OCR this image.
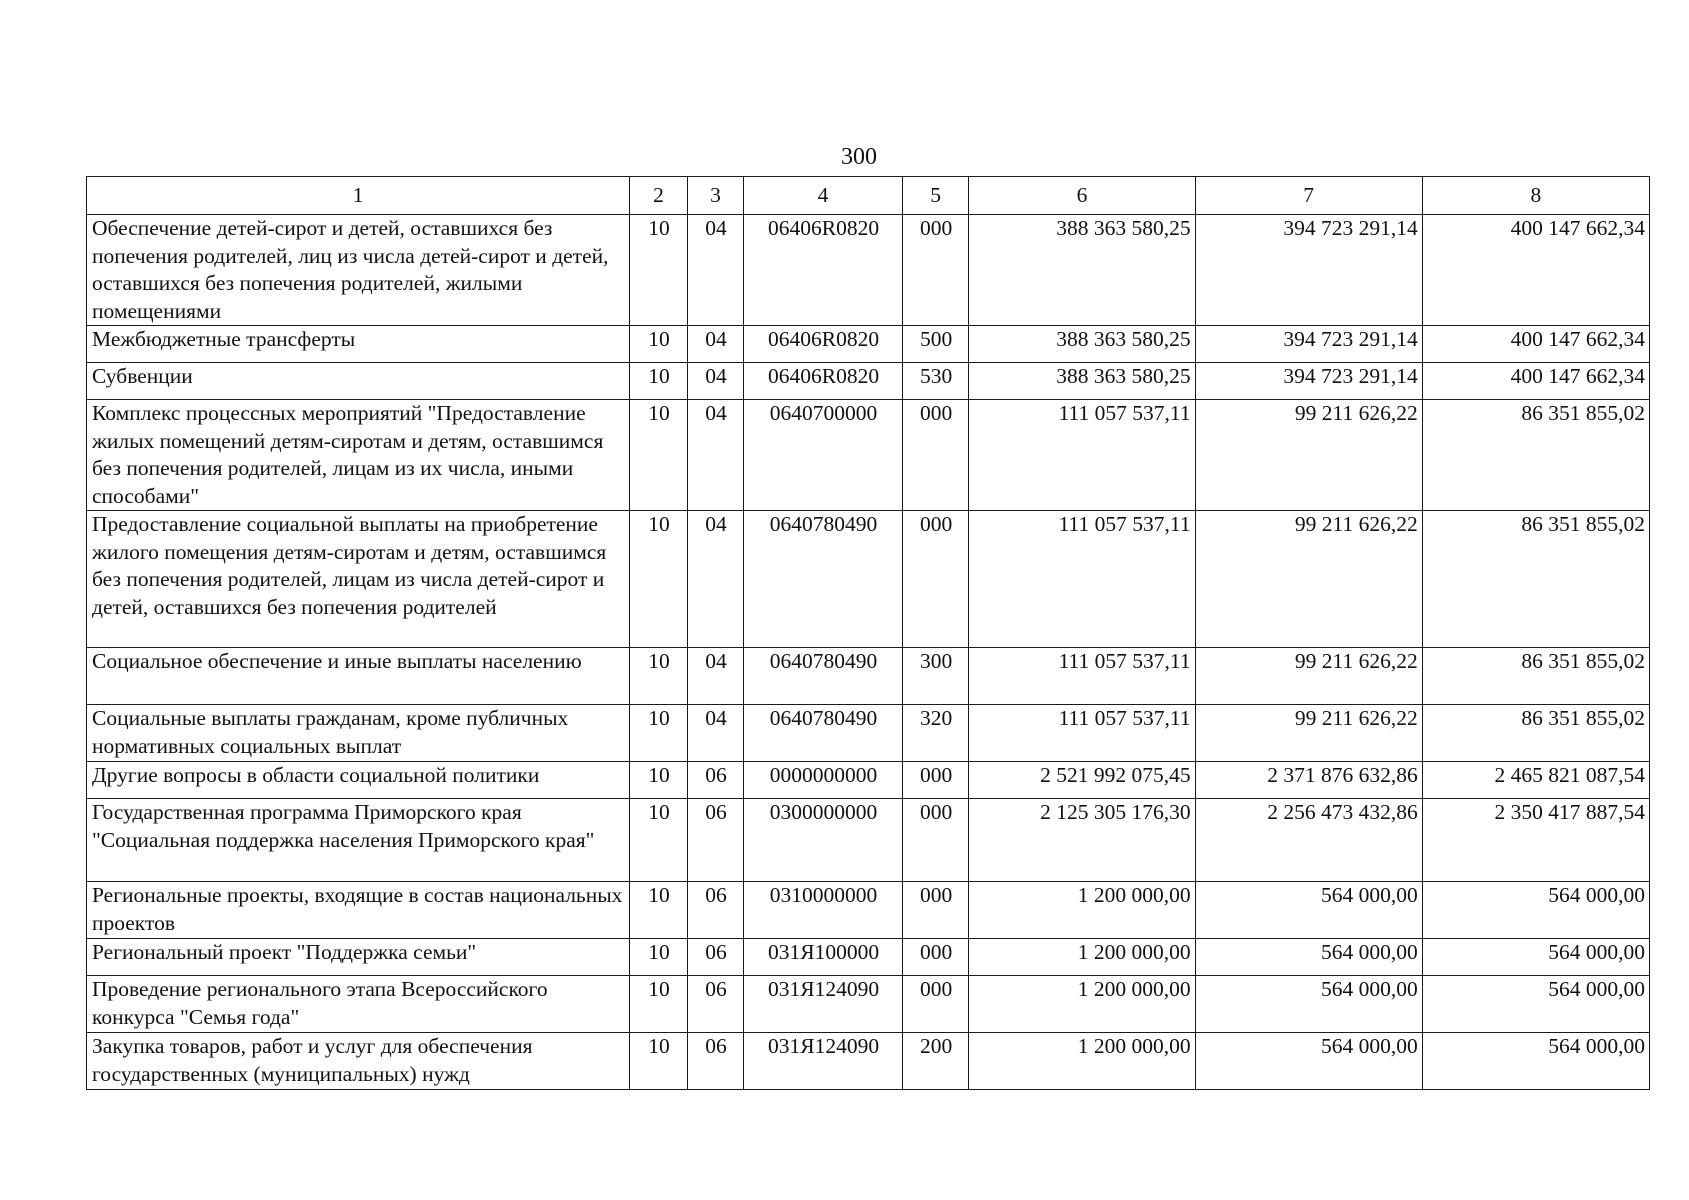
300
1	2	3	4	5	6	7	8
Обеспечение детей-сирот и детей, оставшихся без попечения родителей, лиц из числа детей-сирот и детей, оставшихся без попечения родителей, жилыми помещениями	10	04	06406R0820	000	388 363 580,25	394 723 291,14	400 147 662,34
Межбюджетные трансферты	10	04	06406R0820	500	388 363 580,25	394 723 291,14	400 147 662,34
Субвенции	10	04	06406R0820	530	388 363 580,25	394 723 291,14	400 147 662,34
Комплекс процессных мероприятий "Предоставление жилых помещений детям-сиротам и детям, оставшимся без попечения родителей, лицам из их числа, иными способами"	10	04	0640700000	000	111 057 537,11	99 211 626,22	86 351 855,02
Предоставление социальной выплаты на приобретение жилого помещения детям-сиротам и детям, оставшимся без попечения родителей, лицам из числа детей-сирот и детей, оставшихся без попечения родителей	10	04	0640780490	000	111 057 537,11	99 211 626,22	86 351 855,02
Социальное обеспечение и иные выплаты населению	10	04	0640780490	300	111 057 537,11	99 211 626,22	86 351 855,02
Социальные выплаты гражданам, кроме публичных нормативных социальных выплат	10	04	0640780490	320	111 057 537,11	99 211 626,22	86 351 855,02
Другие вопросы в области социальной политики	10	06	0000000000	000	2 521 992 075,45	2 371 876 632,86	2 465 821 087,54
Государственная программа Приморского края "Социальная поддержка населения Приморского края"	10	06	0300000000	000	2 125 305 176,30	2 256 473 432,86	2 350 417 887,54
Региональные проекты, входящие в состав национальных проектов	10	06	0310000000	000	1 200 000,00	564 000,00	564 000,00
Региональный проект "Поддержка семьи"	10	06	031Я100000	000	1 200 000,00	564 000,00	564 000,00
Проведение регионального этапа Всероссийского конкурса "Семья года"	10	06	031Я124090	000	1 200 000,00	564 000,00	564 000,00
Закупка товаров, работ и услуг для обеспечения государственных (муниципальных) нужд	10	06	031Я124090	200	1 200 000,00	564 000,00	564 000,00
